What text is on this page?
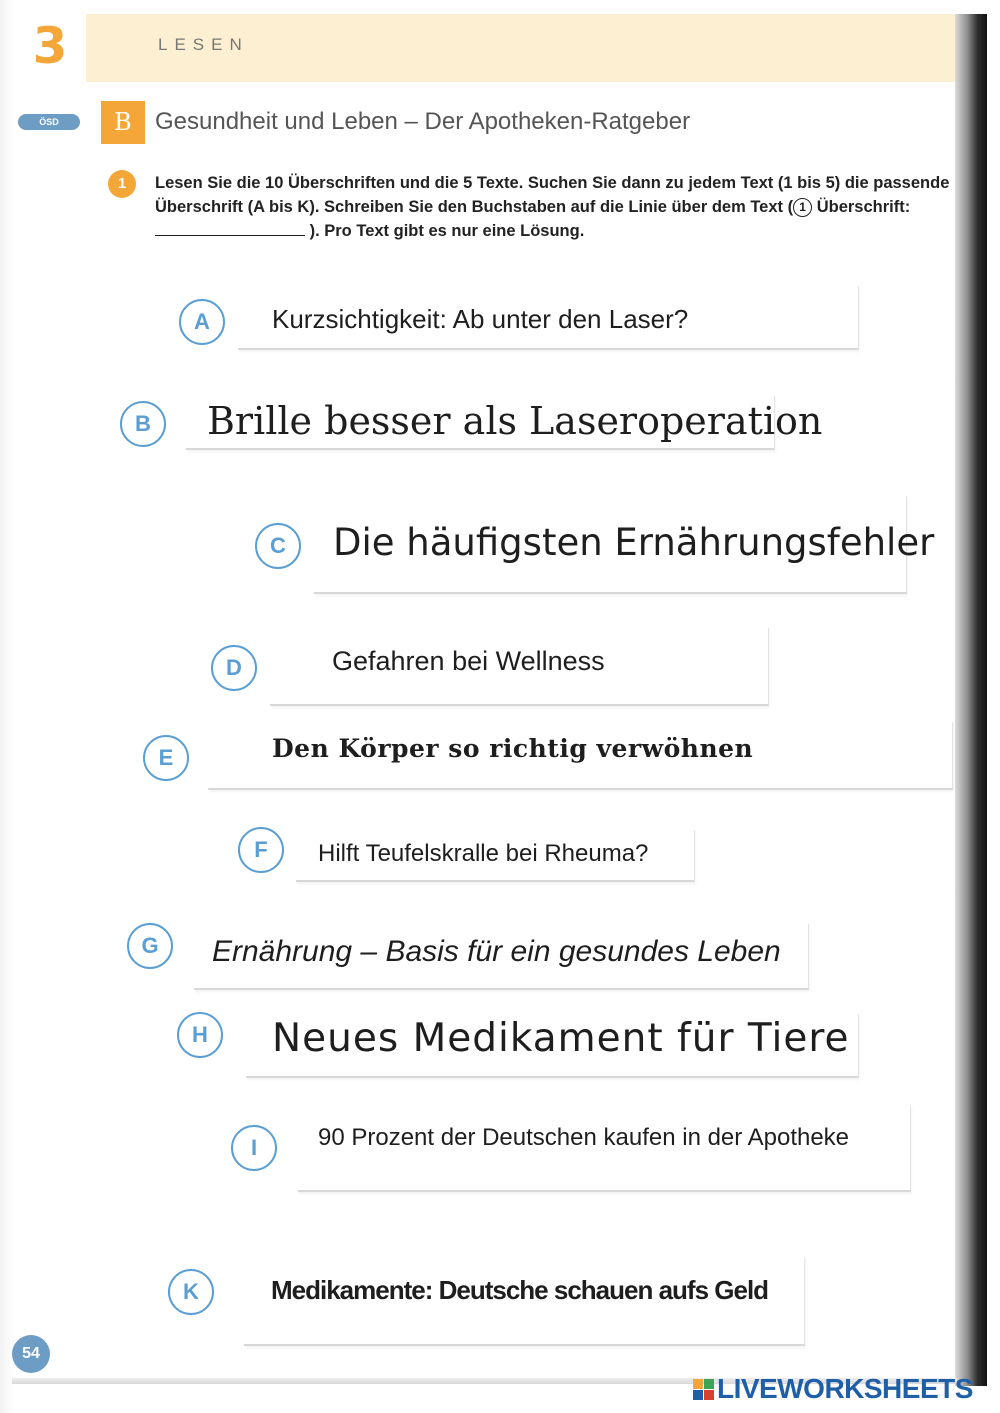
3	LESEN
ÖSD	B Gesundheit und Leben – Der Apotheken-Ratgeber
1	Lesen Sie die 10 Überschriften und die 5 Texte. Suchen Sie dann zu jedem Text (1 bis 5) die passende Überschrift (A bis K). Schreiben Sie den Buchstaben auf die Linie über dem Text ( 1 Überschrift: ). Pro Text gibt es nur eine Lösung.
A	Kurzsichtigkeit: Ab unter den Laser?
B	Brille besser als Laseroperation
C	Die häufigsten Ernährungsfehler
D	Gefahren bei Wellness
E	Den Körper so richtig verwöhnen
F	Hilft Teufelskralle bei Rheuma?
G	Ernährung – Basis für ein gesundes Leben
H	Neues Medikament für Tiere
I	90 Prozent der Deutschen kaufen in der Apotheke
K	Medikamente: Deutsche schauen aufs Geld
54
LIVEWORKSHEETS
